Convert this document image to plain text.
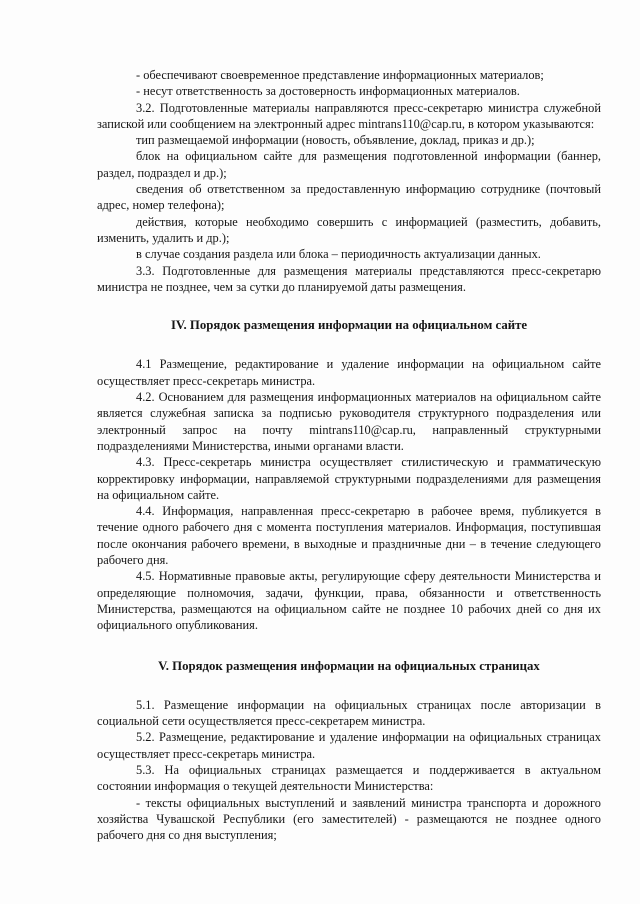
- обеспечивают своевременное представление информационных материалов;

- несут ответственность за достоверность информационных материалов.

3.2. Подготовленные материалы направляются пресс-секретарю министра служебной запиской или сообщением на электронный адрес mintrans110@cap.ru, в котором указываются:

тип размещаемой информации (новость, объявление, доклад, приказ и др.);

блок на официальном сайте для размещения подготовленной информации (баннер, раздел, подраздел и др.);

сведения об ответственном за предоставленную информацию сотруднике (почтовый адрес, номер телефона);

действия, которые необходимо совершить с информацией (разместить, добавить, изменить, удалить и др.);

в случае создания раздела или блока – периодичность актуализации данных.

3.3. Подготовленные для размещения материалы представляются пресс-секретарю министра не позднее, чем за сутки до планируемой даты размещения.

IV. Порядок размещения информации на официальном сайте

4.1 Размещение, редактирование и удаление информации на официальном сайте осуществляет пресс-секретарь министра.

4.2. Основанием для размещения информационных материалов на официальном сайте является служебная записка за подписью руководителя структурного подразделения или электронный запрос на почту mintrans110@cap.ru, направленный структурными подразделениями Министерства, иными органами власти.

4.3. Пресс-секретарь министра осуществляет стилистическую и грамматическую корректировку информации, направляемой структурными подразделениями для размещения на официальном сайте.

4.4. Информация, направленная пресс-секретарю в рабочее время, публикуется в течение одного рабочего дня с момента поступления материалов. Информация, поступившая после окончания рабочего времени, в выходные и праздничные дни – в течение следующего рабочего дня.

4.5. Нормативные правовые акты, регулирующие сферу деятельности Министерства и определяющие полномочия, задачи, функции, права, обязанности и ответственность Министерства, размещаются на официальном сайте не позднее 10 рабочих дней со дня их официального опубликования.

V. Порядок размещения информации на официальных страницах

5.1. Размещение информации на официальных страницах после авторизации в социальной сети осуществляется пресс-секретарем министра.

5.2. Размещение, редактирование и удаление информации на официальных страницах осуществляет пресс-секретарь министра.

5.3. На официальных страницах размещается и поддерживается в актуальном состоянии информация о текущей деятельности Министерства:

- тексты официальных выступлений и заявлений министра транспорта и дорожного хозяйства Чувашской Республики (его заместителей) - размещаются не позднее одного рабочего дня со дня выступления;
